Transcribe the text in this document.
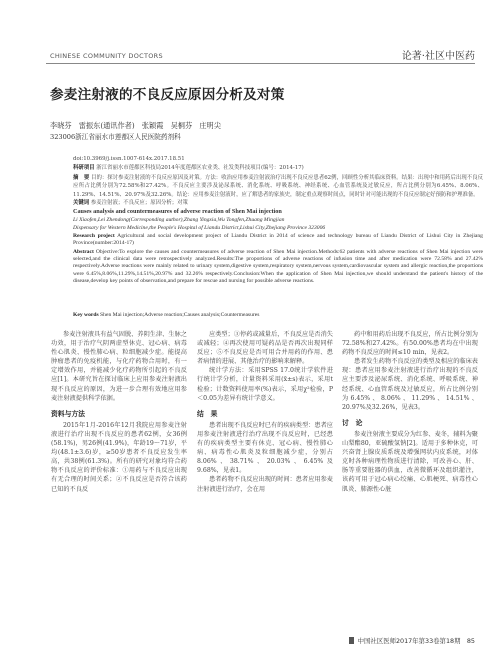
CHINESE COMMUNITY DOCTORS	论著·社区中医药
参麦注射液的不良反应原因分析及对策
李晓芬　雷振东(通讯作者)　张颖霞　吴桐芬　庄明尖
323006浙江省丽水市莲都区人民医院药剂科
doi:10.3969/j.issn.1007-614x.2017.18.51
科研项目 浙江省丽水市莲都区科技局2014年度莲都区农业类、社发类科技项目(编号：2014-17)
摘　要 目的：探讨参麦注射液的不良反应原因及对策。方法：收治应用参麦注射液治疗出现不良反应患者62例，回顾性分析其临床资料。结果：出现中和用药后出现不良反应所占比例分别为72.58%和27.42%。不良反应主要涉及泌尿系统、消化系统、呼吸系统、神经系统、心血管系统及过敏反应，所占比例分别为6.45%、8.06%、11.29%、14.51%、20.97%及32.26%。结论：应用参麦注射液时，应了解患者的家族史，制定重点观察时间点，同时针对可能出现的不良反应制定好预防和护理准备。
关键词 参麦注射液；不良反应；原因分析；对策
Causes analysis and countermeasures of adverse reaction of Shen Mai injection
Li Xiaofen,Lei Zhendong(Corresponding author),Zhang Yingxia,Wu Tongfen,Zhuang Mingjian
Dispensary for Western Medicine,the People's Hospital of Liandu District,Lishui City,Zhejiang Province 323006
Research project Agricultural and social development project of Liandu District in 2014 of science and technology bureau of Liandu District of Lishui City in Zhejiang Province(number:2014-17)
Abstract Objective:To explore the causes and countermeasures of adverse reaction of Shen Mai injection.Methods:62 patients with adverse reactions of Shen Mai injection were selected,and the clinical data were retrospectively analyzed.Results:The proportions of adverse reactions of infusion time and after medication were 72.58% and 27.42% respectively.Adverse reactions were mainly related to urinary system,digestive system,respiratory system,nervous system,cardiovascular system and allergic reaction,the proportions were 6.45%,8.06%,11.29%,14.51%,20.97% and 32.26% respectively.Conclusion:When the application of Shen Mai injection,we should understand the patient's history of the disease,develop key points of observation,and prepare for rescue and nursing for possible adverse reactions.
Key words Shen Mai injection;Adverse reaction;Causes analysis;Countermeasures

参麦注射液具有益气固脱、养阴生津、生脉之功效，用于治疗气阴两虚型休克、冠心病、病毒性心肌炎、慢性肺心病、粒细胞减少症。能提高肿瘤患者的免疫机能，与化疗药物合用时，有一定增效作用，并能减少化疗药物所引起的不良反应[1]。本研究旨在探讨临床上应用参麦注射液出现不良反应的原因，为进一步合理有效地应用参麦注射液提供科学依据。

资料与方法

2015年1月-2016年12月我院应用参麦注射液进行治疗出现不良反应的患者62例，女36例(58.1%)，男26例(41.9%)，年龄19～71岁，平均(48.1±3.6)岁，≥50岁患者不良反应发生率高，共38例(61.3%)。所有的研究对象均符合药物不良反应的评价标准：①用药与不良反应出现有无合理的时间关系；②不良反应是否符合该药已知的不良反

应类型；③停药或减量后，不良反应是否消失或减轻；④再次使用可疑药品是否再次出现同样反应；⑤不良反应是否可用合并用药的作用、患者病情的进展、其他治疗的影响来解释。

统计学方法：采用SPSS 17.0统计学软件进行统计学分析，计量资料采用(x̄±s)表示，采用t检验；计数资料使用率(%)表示，采用χ²检验，P＜0.05为差异有统计学意义。

结　果

患者出现不良反应时已有的疾病类型：患者应用参麦注射液进行治疗出现不良反应时，已经患有的疾病类型主要有休克、冠心病、慢性肺心病、病毒性心肌炎及粒细胞减少症，分别占8.06%、38.71%、20.03%、6.45%及9.68%，见表1。

患者药物不良反应出现的时间：患者应用参麦注射液进行治疗，会在用

药中和用药后出现不良反应，所占比例分别为72.58%和27.42%。有50.00%患者均在中出现药物不良反应的时间≤10 min，见表2。

患者发生药物不良反应的类型及相应的临床表现：患者应用参麦注射液进行治疗出现的不良反应主要涉及泌尿系统、消化系统、呼吸系统、神经系统、心血管系统及过敏反应，所占比例分别为6.45%、8.06%、11.29%、14.51%、20.97%及32.26%，见表3。

讨　论

参麦注射液主要成分为红参、麦冬，辅料为聚山梨酯80，亚硫酸氢钠[2]。适用于多种休克，可兴奋肾上腺皮质系统及增强网状内皮系统，对体克时各种病理性物质进行清除，可改善心、肝、肠等重要脏器的供血，改善微循环及组织灌注，该药可用于冠心病心绞痛、心肌梗死、病毒性心肌炎、肺源性心脏

中国社区医师2017年第33卷第18期　85
